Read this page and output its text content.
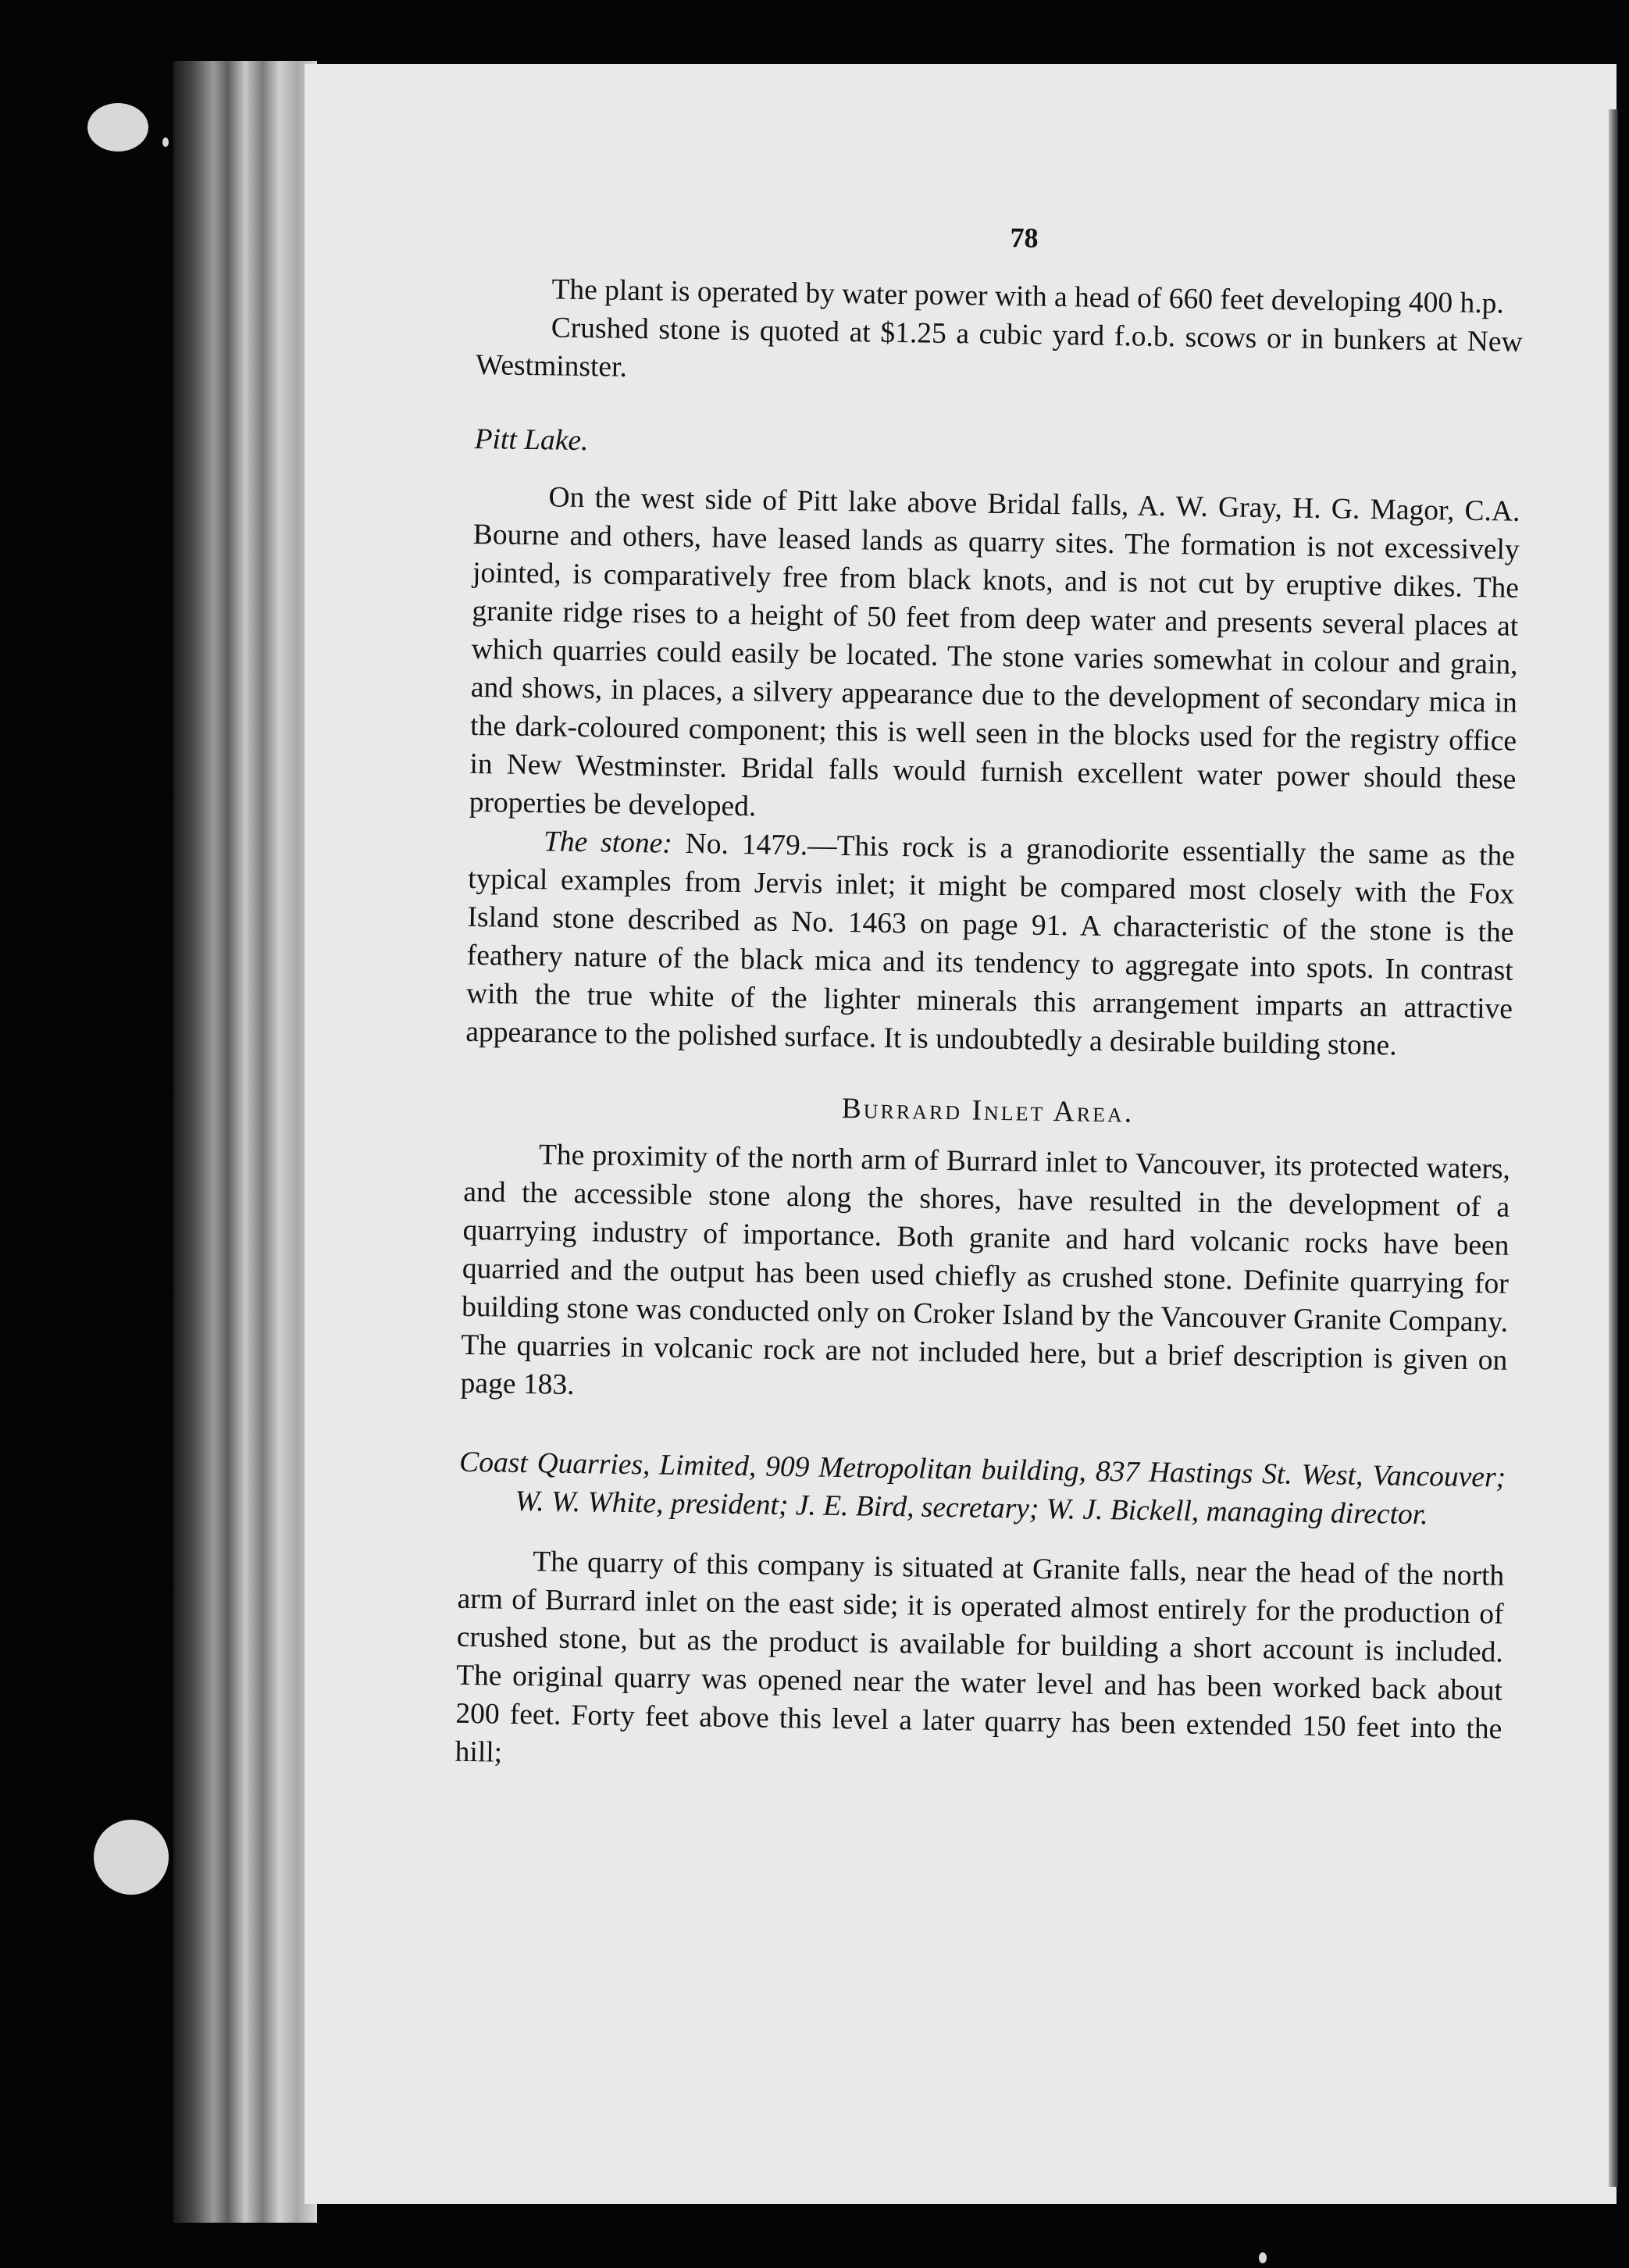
78

The plant is operated by water power with a head of 660 feet developing 400 h.p.

Crushed stone is quoted at $1.25 a cubic yard f.o.b. scows or in bunkers at New Westminster.

Pitt Lake.

On the west side of Pitt lake above Bridal falls, A. W. Gray, H. G. Magor, C.A. Bourne and others, have leased lands as quarry sites. The formation is not excessively jointed, is comparatively free from black knots, and is not cut by eruptive dikes. The granite ridge rises to a height of 50 feet from deep water and presents several places at which quarries could easily be located. The stone varies somewhat in colour and grain, and shows, in places, a silvery appearance due to the development of secondary mica in the dark-coloured component; this is well seen in the blocks used for the registry office in New Westminster. Bridal falls would furnish excellent water power should these properties be developed.

The stone: No. 1479.—This rock is a granodiorite essentially the same as the typical examples from Jervis inlet; it might be compared most closely with the Fox Island stone described as No. 1463 on page 91. A characteristic of the stone is the feathery nature of the black mica and its tendency to aggregate into spots. In contrast with the true white of the lighter minerals this arrangement imparts an attractive appearance to the polished surface. It is undoubtedly a desirable building stone.

Burrard Inlet Area.

The proximity of the north arm of Burrard inlet to Vancouver, its protected waters, and the accessible stone along the shores, have resulted in the development of a quarrying industry of importance. Both granite and hard volcanic rocks have been quarried and the output has been used chiefly as crushed stone. Definite quarrying for building stone was conducted only on Croker Island by the Vancouver Granite Company. The quarries in volcanic rock are not included here, but a brief description is given on page 183.

Coast Quarries, Limited, 909 Metropolitan building, 837 Hastings St. West, Vancouver; W. W. White, president; J. E. Bird, secretary; W. J. Bickell, managing director.

The quarry of this company is situated at Granite falls, near the head of the north arm of Burrard inlet on the east side; it is operated almost entirely for the production of crushed stone, but as the product is available for building a short account is included. The original quarry was opened near the water level and has been worked back about 200 feet. Forty feet above this level a later quarry has been extended 150 feet into the hill;
